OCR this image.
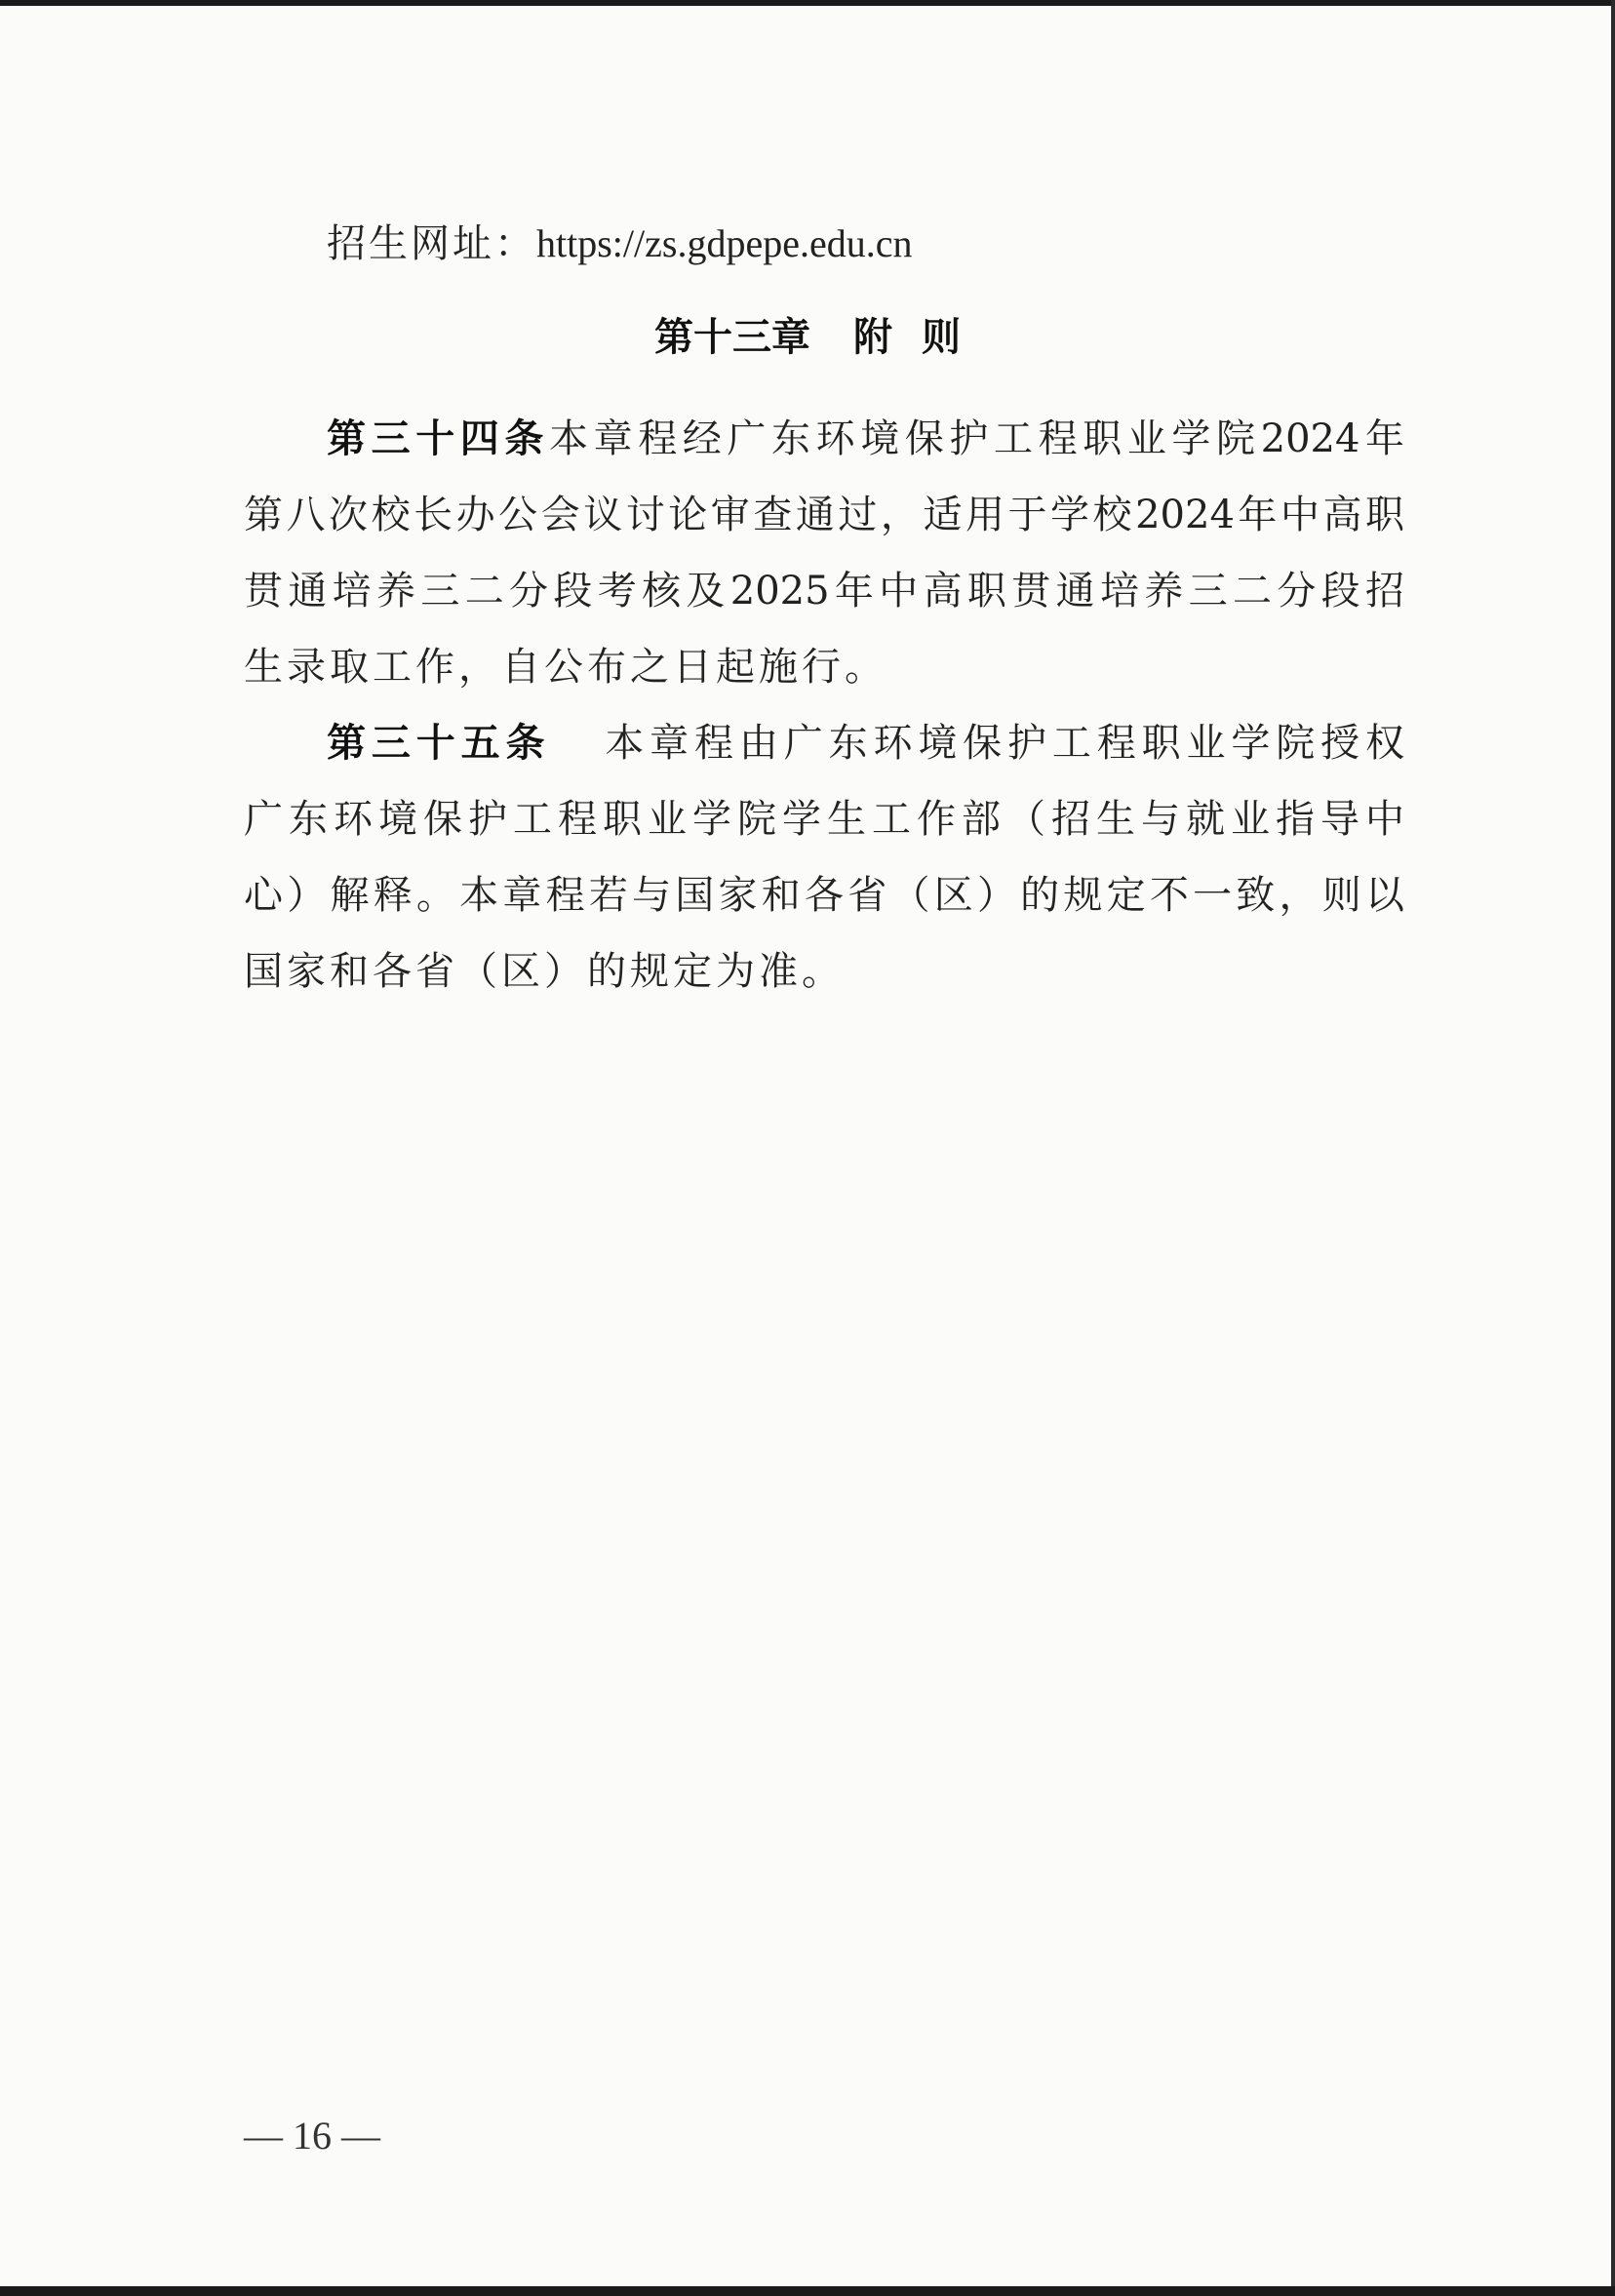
招生网址：https://zs.gdpepe.edu.cn
第十三章 附 则
第三十四条本章程经广东环境保护工程职业学院2024年
第八次校长办公会议讨论审查通过，适用于学校2024年中高职
贯通培养三二分段考核及2025年中高职贯通培养三二分段招
生录取工作，自公布之日起施行。
第三十五条 本章程由广东环境保护工程职业学院授权
广东环境保护工程职业学院学生工作部（招生与就业指导中
心）解释。本章程若与国家和各省（区）的规定不一致，则以
国家和各省（区）的规定为准。
— 16 —
